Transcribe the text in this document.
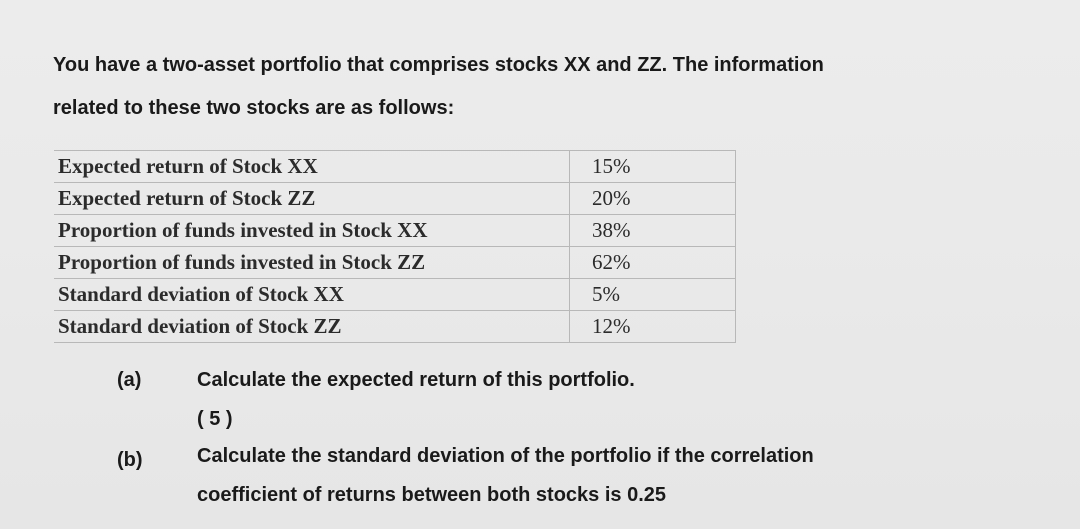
You have a two-asset portfolio that comprises stocks XX and ZZ. The information
related to these two stocks are as follows:
Expected return of Stock XX	15%
Expected return of Stock ZZ	20%
Proportion of funds invested in Stock XX	38%
Proportion of funds invested in Stock ZZ	62%
Standard deviation of Stock XX	5%
Standard deviation of Stock ZZ	12%
(a)	Calculate the expected return of this portfolio.
( 5 )
(b)	Calculate the standard deviation of the portfolio if the correlation
coefficient of returns between both stocks is 0.25
